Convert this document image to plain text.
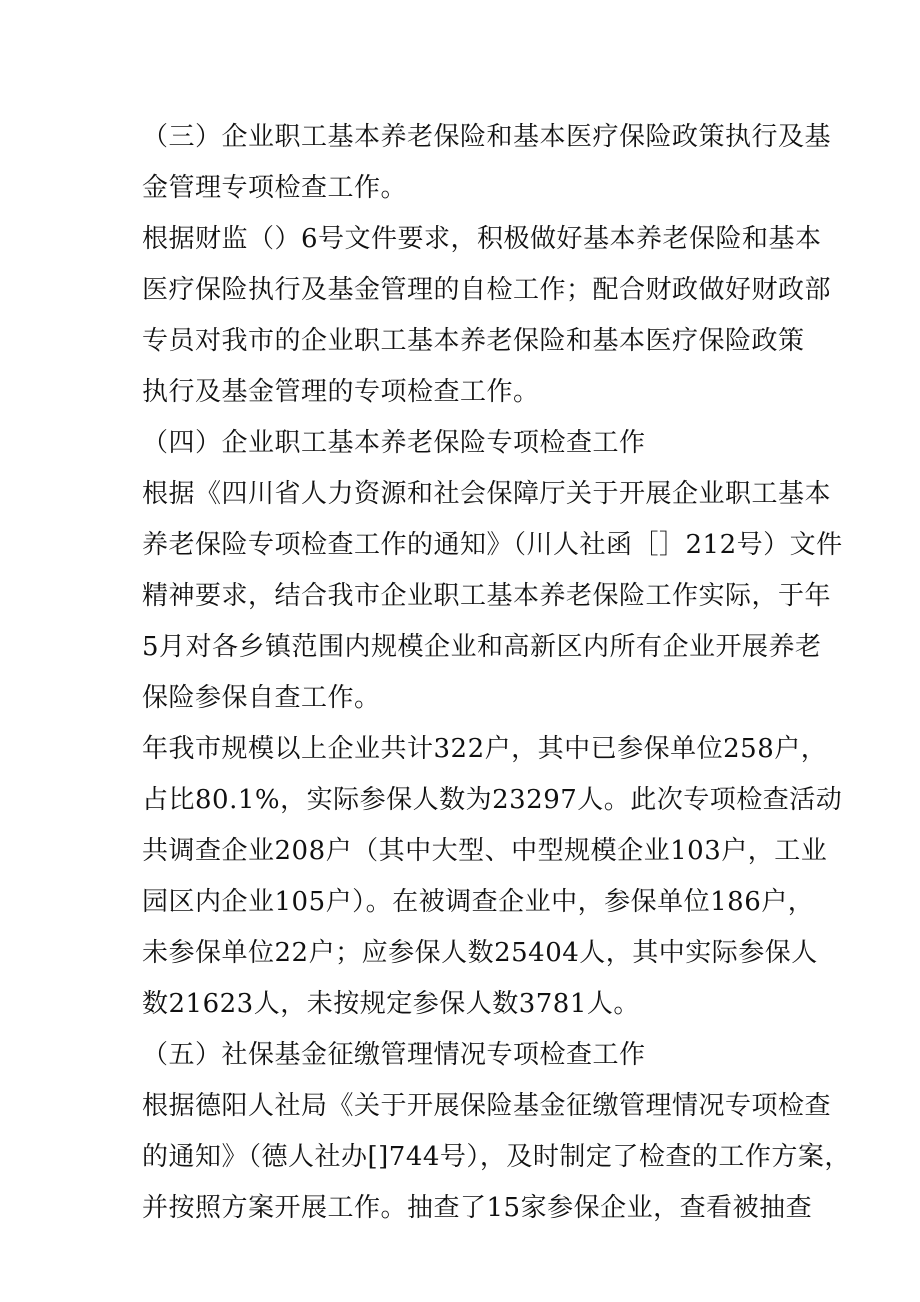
（三）企业职工基本养老保险和基本医疗保险政策执行及基
金管理专项检查工作。
根据财监（）6号文件要求，积极做好基本养老保险和基本
医疗保险执行及基金管理的自检工作；配合财政做好财政部
专员对我市的企业职工基本养老保险和基本医疗保险政策
执行及基金管理的专项检查工作。
（四）企业职工基本养老保险专项检查工作
根据《四川省人力资源和社会保障厅关于开展企业职工基本
养老保险专项检查工作的通知》（川人社函［］212号）文件
精神要求，结合我市企业职工基本养老保险工作实际，于年
5月对各乡镇范围内规模企业和高新区内所有企业开展养老
保险参保自查工作。
年我市规模以上企业共计322户，其中已参保单位258户，
占比80.1%，实际参保人数为23297人。此次专项检查活动
共调查企业208户（其中大型、中型规模企业103户，工业
园区内企业105户）。在被调查企业中，参保单位186户，
未参保单位22户；应参保人数25404人，其中实际参保人
数21623人，未按规定参保人数3781人。
（五）社保基金征缴管理情况专项检查工作
根据德阳人社局《关于开展保险基金征缴管理情况专项检查
的通知》（德人社办[]744号），及时制定了检查的工作方案，
并按照方案开展工作。抽查了15家参保企业，查看被抽查
